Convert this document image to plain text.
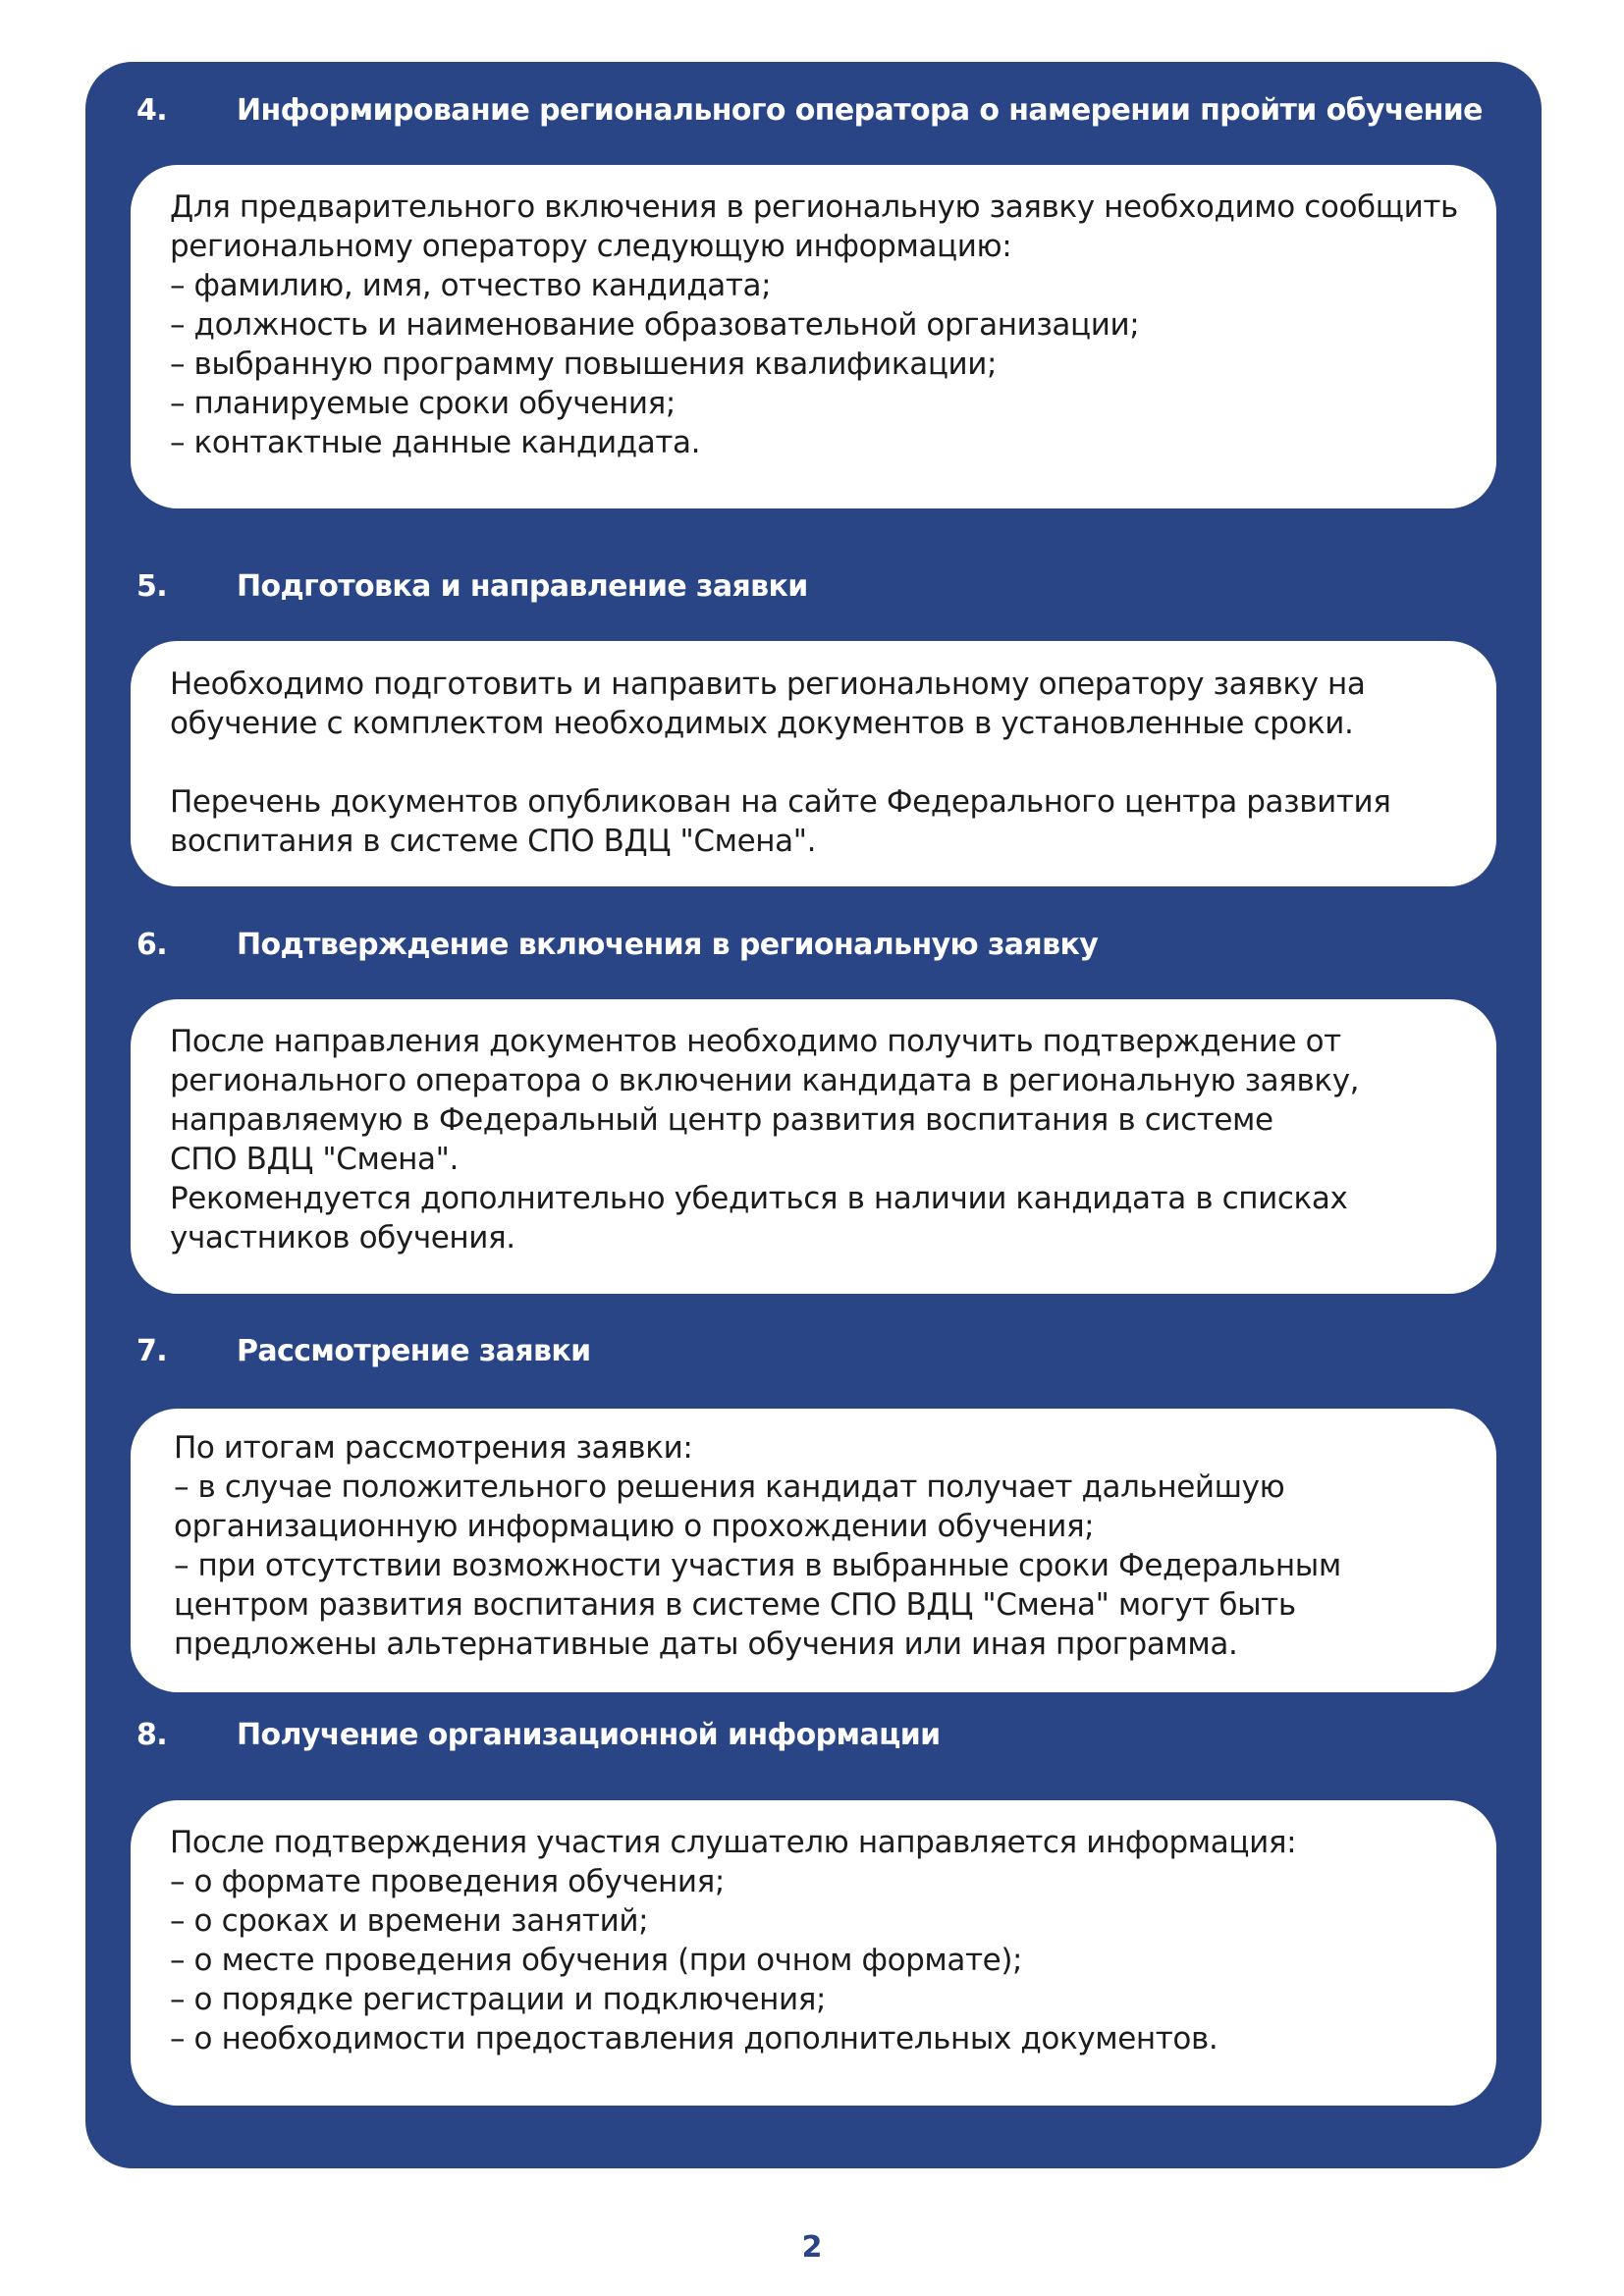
4.	Информирование регионального оператора о намерении пройти обучение

Для предварительного включения в региональную заявку необходимо сообщить региональному оператору следующую информацию:
– фамилию, имя, отчество кандидата;
– должность и наименование образовательной организации;
– выбранную программу повышения квалификации;
– планируемые сроки обучения;
– контактные данные кандидата.

5.	Подготовка и направление заявки

Необходимо подготовить и направить региональному оператору заявку на обучение с комплектом необходимых документов в установленные сроки.

Перечень документов опубликован на сайте Федерального центра развития воспитания в системе СПО ВДЦ "Смена".

6.	Подтверждение включения в региональную заявку

После направления документов необходимо получить подтверждение от регионального оператора о включении кандидата в региональную заявку, направляемую в Федеральный центр развития воспитания в системе
СПО ВДЦ "Смена".
Рекомендуется дополнительно убедиться в наличии кандидата в списках участников обучения.

7.	Рассмотрение заявки

По итогам рассмотрения заявки:
– в случае положительного решения кандидат получает дальнейшую организационную информацию о прохождении обучения;
– при отсутствии возможности участия в выбранные сроки Федеральным центром развития воспитания в системе СПО ВДЦ "Смена" могут быть предложены альтернативные даты обучения или иная программа.

8.	Получение организационной информации

После подтверждения участия слушателю направляется информация:
– о формате проведения обучения;
– о сроках и времени занятий;
– о месте проведения обучения (при очном формате);
– о порядке регистрации и подключения;
– о необходимости предоставления дополнительных документов.

2
